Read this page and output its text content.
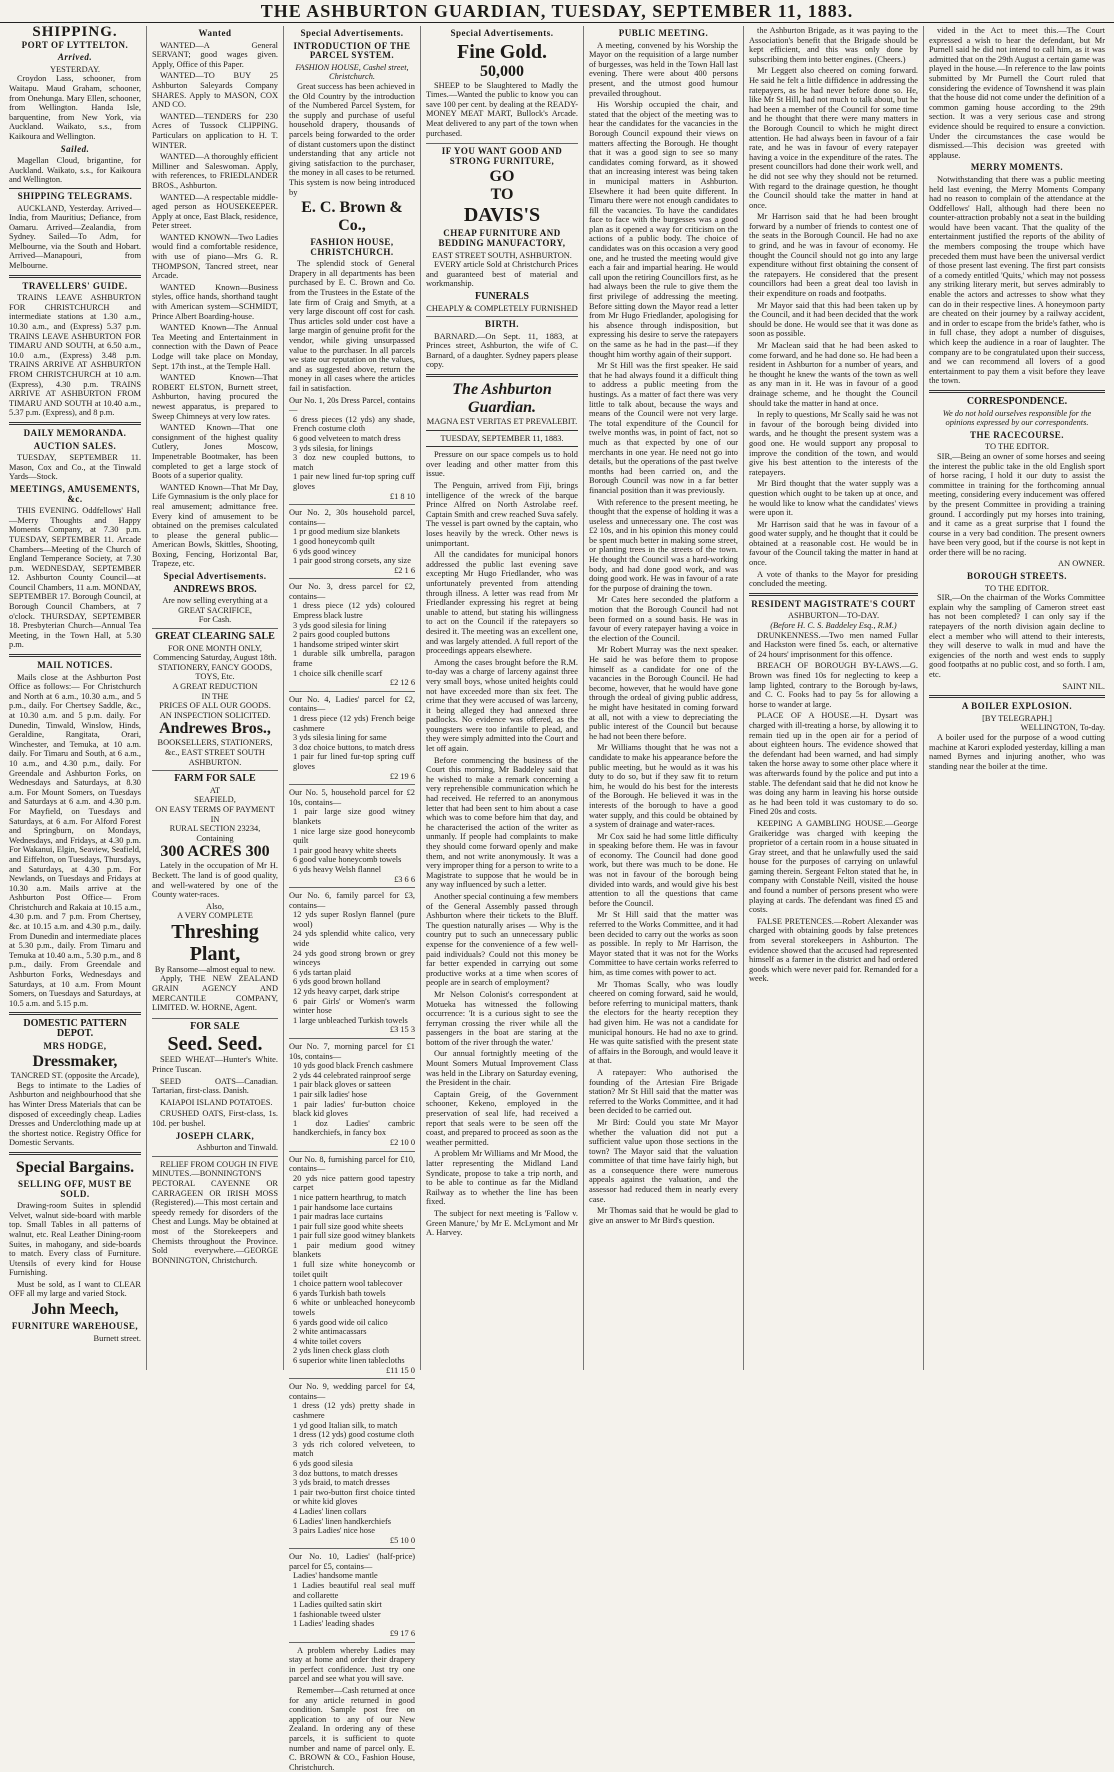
THE ASHBURTON GUARDIAN, TUESDAY, SEPTEMBER 11, 1883.
SHIPPING.
PORT OF LYTTELTON.
Arrived.
YESTERDAY.

Croydon Lass, schooner, from Waitapu. Maud Graham, schooner, from Onehunga. Mary Ellen, schooner, from Wellington. Handa Isle, barquentine, from New York, via Auckland. Waikato, s.s., from Kaikoura and Wellington.

Sailed.

Magellan Cloud, brigantine, for Auckland. Waikato, s.s., for Kaikoura and Wellington.

SHIPPING TELEGRAMS.

AUCKLAND, Yesterday. Arrived—India, from Mauritius; Defiance, from Oamaru. Arrived—Zealandia, from Sydney. Sailed—To Adm, for Melbourne, via the South and Hobart. Arrived—Manapouri, from Melbourne.

TRAVELLERS' GUIDE.

TRAINS LEAVE ASHBURTON FOR CHRISTCHURCH and intermediate stations at 1.30 a.m., 10.30 a.m., and (Express) 5.37 p.m. TRAINS LEAVE ASHBURTON FOR TIMARU AND SOUTH, at 6.50 a.m., 10.0 a.m., (Express) 3.48 p.m. TRAINS ARRIVE AT ASHBURTON FROM CHRISTCHURCH at 10 a.m. (Express), 4.30 p.m. TRAINS ARRIVE AT ASHBURTON FROM TIMARU AND SOUTH at 10.40 a.m., 5.37 p.m. (Express), and 8 p.m.

DAILY MEMORANDA.
AUCTION SALES.

TUESDAY, SEPTEMBER 11. Mason, Cox and Co., at the Tinwald Yards—Stock.

MEETINGS, AMUSEMENTS, &c.

THIS EVENING. Oddfellows' Hall—Merry Thoughts and Happy Moments Company, at 7.30 p.m. TUESDAY, SEPTEMBER 11. Arcade Chambers—Meeting of the Church of England Temperance Society, at 7.30 p.m. WEDNESDAY, SEPTEMBER 12. Ashburton County Council—at Council Chambers, 11 a.m. MONDAY, SEPTEMBER 17. Borough Council, at Borough Council Chambers, at 7 o'clock. THURSDAY, SEPTEMBER 18. Presbyterian Church—Annual Tea Meeting, in the Town Hall, at 5.30 p.m.

MAIL NOTICES.

Mails close at the Ashburton Post Office as follows:— For Christchurch and North at 6 a.m., 10.30 a.m., and 5 p.m., daily. For Chertsey Saddle, &c., at 10.30 a.m. and 5 p.m. daily. For Dunedin, Tinwald, Winslow, Hinds, Geraldine, Rangitata, Orari, Winchester, and Temuka, at 10 a.m. daily. For Timaru and South, at 6 a.m., 10 a.m., and 4.30 p.m., daily. For Greendale and Ashburton Forks, on Wednesdays and Saturdays, at 8.30 a.m. For Mount Somers, on Tuesdays and Saturdays at 6 a.m. and 4.30 p.m. For Mayfield, on Tuesdays and Saturdays, at 6 a.m. For Alford Forest and Springburn, on Mondays, Wednesdays, and Fridays, at 4.30 p.m. For Wakanui, Elgin, Seaview, Seafield, and Eiffelton, on Tuesdays, Thursdays, and Saturdays, at 4.30 p.m. For Newlands, on Tuesdays and Fridays at 10.30 a.m. Mails arrive at the Ashburton Post Office— From Christchurch and Rakaia at 10.15 a.m., 4.30 p.m. and 7 p.m. From Chertsey, &c. at 10.15 a.m. and 4.30 p.m., daily. From Dunedin and intermediate places at 5.30 p.m., daily. From Timaru and Temuka at 10.40 a.m., 5.30 p.m., and 8 p.m., daily. From Greendale and Ashburton Forks, Wednesdays and Saturdays, at 10 a.m. From Mount Somers, on Tuesdays and Saturdays, at 10.5 a.m. and 5.15 p.m.

DOMESTIC PATTERN DEPOT.
MRS HODGE,
Dressmaker,
TANCRED ST. (opposite the Arcade),

Begs to intimate to the Ladies of Ashburton and neighbourhood that she has Winter Dress Materials that can be disposed of exceedingly cheap. Ladies Dresses and Underclothing made up at the shortest notice. Registry Office for Domestic Servants.

Special Bargains.
SELLING OFF, MUST BE SOLD.

Drawing-room Suites in splendid Velvet, walnut side-board with marble top. Small Tables in all patterns of walnut, etc. Real Leather Dining-room Suites, in mahogany, and side-boards to match. Every class of Furniture. Utensils of every kind for House Furnishing.

Must be sold, as I want to CLEAR OFF all my large and varied Stock.

John Meech,
FURNITURE WAREHOUSE,
Burnett street.
Wanted

WANTED—A General SERVANT; good wages given. Apply, Office of this Paper.

WANTED—TO BUY 25 Ashburton Saleyards Company SHARES. Apply to MASON, COX AND CO.

WANTED—TENDERS for 230 Acres of Tussock CLIPPING. Particulars on application to H. T. WINTER.

WANTED—A thoroughly efficient Milliner and Saleswoman. Apply, with references, to FRIEDLANDER BROS., Ashburton.

WANTED—A respectable middle-aged person as HOUSEKEEPER. Apply at once, East Black, residence, Peter street.

WANTED KNOWN—Two Ladies would find a comfortable residence, with use of piano—Mrs G. R. THOMPSON, Tancred street, near Arcade.

WANTED Known—Business styles, office hands, shorthand taught with American system—SCHMIDT, Prince Albert Boarding-house.

WANTED Known—The Annual Tea Meeting and Entertainment in connection with the Dawn of Peace Lodge will take place on Monday, Sept. 17th inst., at the Temple Hall.

WANTED Known—That ROBERT ELSTON, Burnett street, Ashburton, having procured the newest apparatus, is prepared to Sweep Chimneys at very low rates.

WANTED Known—That one consignment of the highest quality Cutlery, Jones Moscow, Impenetrable Bootmaker, has been completed to get a large stock of Boots of a superior quality.

WANTED Known—That Mr Day, Life Gymnasium is the only place for real amusement; admittance free. Every kind of amusement to be obtained on the premises calculated to please the general public—American Bowls, Skittles, Shooting, Boxing, Fencing, Horizontal Bar, Trapeze, etc.

Special Advertisements.
ANDREWS BROS.
Are now selling everything at a
GREAT SACRIFICE,
For Cash.
GREAT CLEARING SALE
FOR ONE MONTH ONLY,
Commencing Saturday, August 18th.
STATIONERY, FANCY GOODS, TOYS, Etc.
A GREAT REDUCTION
IN THE
PRICES OF ALL OUR GOODS.
AN INSPECTION SOLICITED.
Andrewes Bros.,
BOOKSELLERS, STATIONERS, &c., EAST STREET SOUTH ASHBURTON.
FARM FOR SALE
AT
SEAFIELD,
ON EASY TERMS OF PAYMENT
IN
RURAL SECTION 23234,
Containing
300 ACRES 300

Lately in the occupation of Mr H. Beckett. The land is of good quality, and well-watered by one of the County water-races.

Also,
A VERY COMPLETE
Threshing Plant,
By Ransome—almost equal to new.

Apply, THE NEW ZEALAND GRAIN AGENCY AND MERCANTILE COMPANY, LIMITED. W. HORNE, Agent.

FOR SALE
Seed. Seed.

SEED WHEAT—Hunter's White. Prince Tuscan.

SEED OATS—Canadian. Tartarian, first-class. Danish.

KAIAPOI ISLAND POTATOES.

CRUSHED OATS, First-class, 1s. 10d. per bushel.

JOSEPH CLARK,
Ashburton and Tinwald.

RELIEF FROM COUGH IN FIVE MINUTES.—BONNINGTON'S PECTORAL CAYENNE OR CARRAGEEN OR IRISH MOSS (Registered).—This most certain and speedy remedy for disorders of the Chest and Lungs. May be obtained at most of the Storekeepers and Chemists throughout the Province. Sold everywhere.—GEORGE BONNINGTON, Christchurch.

Special Advertisements.
INTRODUCTION OF THE PARCEL SYSTEM.
FASHION HOUSE, Cashel street, Christchurch.

Great success has been achieved in the Old Country by the introduction of the Numbered Parcel System, for the supply and purchase of useful household drapery, thousands of parcels being forwarded to the order of distant customers upon the distinct understanding that any article not giving satisfaction to the purchaser, the money in all cases to be returned. This system is now being introduced by

E. C. Brown & Co.,
FASHION HOUSE, CHRISTCHURCH.

The splendid stock of General Drapery in all departments has been purchased by E. C. Brown and Co. from the Trustees in the Estate of the late firm of Craig and Smyth, at a very large discount off cost for cash. Thus articles sold under cost have a large margin of genuine profit for the vendor, while giving unsurpassed value to the purchaser. In all parcels we state our reputation on the values, and as suggested above, return the money in all cases where the articles fail in satisfaction.

Our No. 1, 20s Dress Parcel, contains—
6 dress pieces (12 yds) any shade, French costume cloth
6 good velveteen to match dress
3 yds silesia, for linings
3 doz new coupled buttons, to match
1 pair new lined fur-top spring cuff gloves
£1 8 10
Our No. 2, 30s household parcel, contains—
1 pr good medium size blankets
1 good honeycomb quilt
6 yds good wincey
1 pair good strong corsets, any size
£2 1 6
Our No. 3, dress parcel for £2, contains—
1 dress piece (12 yds) coloured Empress black lustre
3 yds good silesia for lining
2 pairs good coupled buttons
1 handsome striped winter skirt
1 durable silk umbrella, paragon frame
1 choice silk chenille scarf
£2 12 6
Our No. 4, Ladies' parcel for £2, contains—
1 dress piece (12 yds) French beige cashmere
3 yds silesia lining for same
3 doz choice buttons, to match dress
1 pair fur lined fur-top spring cuff gloves
£2 19 6
Our No. 5, household parcel for £2 10s, contains—
1 pair large size good witney blankets
1 nice large size good honeycomb quilt
1 pair good heavy white sheets
6 good value honeycomb towels
6 yds heavy Welsh flannel
£3 6 6
Our No. 6, family parcel for £3, contains—
12 yds super Roslyn flannel (pure wool)
24 yds splendid white calico, very wide
24 yds good strong brown or grey winceys
6 yds tartan plaid
6 yds good brown holland
12 yds heavy carpet, dark stripe
6 pair Girls' or Women's warm winter hose
1 large unbleached Turkish towels
£3 15 3
Our No. 7, morning parcel for £1 10s, contains—
10 yds good black French cashmere
2 yds 44 celebrated rainproof serge
1 pair black gloves or satteen
1 pair silk ladies' hose
1 pair ladies' fur-button choice black kid gloves
1 doz Ladies' cambric handkerchiefs, in fancy box
£2 10 0
Our No. 8, furnishing parcel for £10, contains—
20 yds nice pattern good tapestry carpet
1 nice pattern hearthrug, to match
1 pair handsome lace curtains
1 pair madras lace curtains
1 pair full size good white sheets
1 pair full size good witney blankets
1 pair medium good witney blankets
1 full size white honeycomb or toilet quilt
1 choice pattern wool tablecover
6 yards Turkish bath towels
6 white or unbleached honeycomb towels
6 yards good wide oil calico
2 white antimacassars
4 white toilet covers
2 yds linen check glass cloth
6 superior white linen tablecloths
£11 15 0
Our No. 9, wedding parcel for £4, contains—
1 dress (12 yds) pretty shade in cashmere
1 yd good Italian silk, to match
1 dress (12 yds) good costume cloth
3 yds rich colored velveteen, to match
6 yds good silesia
3 doz buttons, to match dresses
3 yds braid, to match dresses
1 pair two-button first choice tinted or white kid gloves
4 Ladies' linen collars
6 Ladies' linen handkerchiefs
3 pairs Ladies' nice hose
£5 10 0
Our No. 10, Ladies' (half-price) parcel for £5, contains—
Ladies' handsome mantle
1 Ladies beautiful real seal muff and collarette
1 Ladies quilted satin skirt
1 fashionable tweed ulster
1 Ladies' leading shades
£9 17 6

A problem whereby Ladies may stay at home and order their drapery in perfect confidence. Just try one parcel and see what you will save.

Remember—Cash returned at once for any article returned in good condition. Sample post free on application to any of our New Zealand. In ordering any of these parcels, it is sufficient to quote number and name of parcel only. E. C. BROWN & CO., Fashion House, Christchurch.

Special Advertisements.
Fine Gold.
50,000

SHEEP to be Slaughtered to Madly the Times.—Wanted the public to know you can save 100 per cent. by dealing at the READY-MONEY MEAT MART, Bullock's Arcade. Meat delivered to any part of the town when purchased.

IF YOU WANT GOOD AND STRONG FURNITURE,
GO
TO
DAVIS'S
CHEAP FURNITURE AND BEDDING MANUFACTORY,
EAST STREET SOUTH, ASHBURTON.

EVERY article Sold at Christchurch Prices and guaranteed best of material and workmanship.

FUNERALS
CHEAPLY & COMPLETELY FURNISHED
BIRTH.

BARNARD.—On Sept. 11, 1883, at Princes street, Ashburton, the wife of C. Barnard, of a daughter. Sydney papers please copy.

The Ashburton Guardian.
MAGNA EST VERITAS ET PREVALEBIT.
TUESDAY, SEPTEMBER 11, 1883.

Pressure on our space compels us to hold over leading and other matter from this issue.

The Penguin, arrived from Fiji, brings intelligence of the wreck of the barque Prince Alfred on North Astrolabe reef. Captain Smith and crew reached Suva safely. The vessel is part owned by the captain, who loses heavily by the wreck. Other news is unimportant.

All the candidates for municipal honors addressed the public last evening save excepting Mr Hugo Friedlander, who was unfortunately prevented from attending through illness. A letter was read from Mr Friedlander expressing his regret at being unable to attend, but stating his willingness to act on the Council if the ratepayers so desired it. The meeting was an excellent one, and was largely attended. A full report of the proceedings appears elsewhere.

Among the cases brought before the R.M. to-day was a charge of larceny against three very small boys, whose united heights could not have exceeded more than six feet. The crime that they were accused of was larceny, it being alleged they had annexed three padlocks. No evidence was offered, as the youngsters were too infantile to plead, and they were simply admitted into the Court and let off again.

Before commencing the business of the Court this morning, Mr Baddeley said that he wished to make a remark concerning a very reprehensible communication which he had received. He referred to an anonymous letter that had been sent to him about a case which was to come before him that day, and he characterised the action of the writer as unmanly. If people had complaints to make they should come forward openly and make them, and not write anonymously. It was a very improper thing for a person to write to a Magistrate to suppose that he would be in any way influenced by such a letter.

Another special continuing a few members of the General Assembly passed through Ashburton where their tickets to the Bluff. The question naturally arises — Why is the country put to such an unnecessary public expense for the convenience of a few well-paid individuals? Could not this money be far better expended in carrying out some productive works at a time when scores of people are in search of employment?

Mr Nelson Colonist's correspondent at Motueka has witnessed the following occurrence: 'It is a curious sight to see the ferryman crossing the river while all the passengers in the boat are staring at the bottom of the river through the water.'

Our annual fortnightly meeting of the Mount Somers Mutual Improvement Class was held in the Library on Saturday evening, the President in the chair.

Captain Greig, of the Government schooner, Kekeno, employed in the preservation of seal life, had received a report that seals were to be seen off the coast, and prepared to proceed as soon as the weather permitted.

A problem Mr Williams and Mr Mood, the latter representing the Midland Land Syndicate, propose to take a trip north, and to be able to continue as far the Midland Railway as to whether the line has been fixed.

The subject for next meeting is 'Fallow v. Green Manure,' by Mr E. McLymont and Mr A. Harvey.

PUBLIC MEETING.

A meeting, convened by his Worship the Mayor on the requisition of a large number of burgesses, was held in the Town Hall last evening. There were about 400 persons present, and the utmost good humour prevailed throughout.

His Worship occupied the chair, and stated that the object of the meeting was to hear the candidates for the vacancies in the Borough Council expound their views on matters affecting the Borough. He thought that it was a good sign to see so many candidates coming forward, as it showed that an increasing interest was being taken in municipal matters in Ashburton. Elsewhere it had been quite different. In Timaru there were not enough candidates to fill the vacancies. To have the candidates face to face with the burgesses was a good plan as it opened a way for criticism on the actions of a public body. The choice of candidates was on this occasion a very good one, and he trusted the meeting would give each a fair and impartial hearing. He would call upon the retiring Councillors first, as he had always been the rule to give them the first privilege of addressing the meeting. Before sitting down the Mayor read a letter from Mr Hugo Friedlander, apologising for his absence through indisposition, but expressing his desire to serve the ratepayers on the same as he had in the past—if they thought him worthy again of their support.

Mr St Hill was the first speaker. He said that he had always found it a difficult thing to address a public meeting from the hustings. As a matter of fact there was very little to talk about, because the ways and means of the Council were not very large. The total expenditure of the Council for twelve months was, in point of fact, not so much as that expected by one of our merchants in one year. He need not go into details, but the operations of the past twelve months had been carried on, and the Borough Council was now in a far better financial position than it was previously.

With reference to the present meeting, he thought that the expense of holding it was a useless and unnecessary one. The cost was £2 10s, and in his opinion this money could be spent much better in making some street, or planting trees in the streets of the town. He thought the Council was a hard-working body, and had done good work, and was doing good work. He was in favour of a rate for the purpose of draining the town.

Mr Cates here seconded the platform a motion that the Borough Council had not been formed on a sound basis. He was in favour of every ratepayer having a voice in the election of the Council.

Mr Robert Murray was the next speaker. He said he was before them to propose himself as a candidate for one of the vacancies in the Borough Council. He had become, however, that he would have gone through the ordeal of giving public address, he might have hesitated in coming forward at all, not with a view to depreciating the public interest of the Council but because he had not been there before.

Mr Williams thought that he was not a candidate to make his appearance before the public meeting, but he would as it was his duty to do so, but if they saw fit to return him, he would do his best for the interests of the Borough. He believed it was in the interests of the borough to have a good water supply, and this could be obtained by a system of drainage and water-races.

Mr Cox said he had some little difficulty in speaking before them. He was in favour of economy. The Council had done good work, but there was much to be done. He was not in favour of the borough being divided into wards, and would give his best attention to all the questions that came before the Council.

Mr St Hill said that the matter was referred to the Works Committee, and it had been decided to carry out the works as soon as possible. In reply to Mr Harrison, the Mayor stated that it was not for the Works Committee to have certain works referred to him, as time comes with power to act.

Mr Thomas Scally, who was loudly cheered on coming forward, said he would, before referring to municipal matters, thank the electors for the hearty reception they had given him. He was not a candidate for municipal honours. He had no axe to grind. He was quite satisfied with the present state of affairs in the Borough, and would leave it at that.

A ratepayer: Who authorised the founding of the Artesian Fire Brigade station? Mr St Hill said that the matter was referred to the Works Committee, and it had been decided to be carried out.

Mr Bird: Could you state Mr Mayor whether the valuation did not put a sufficient value upon those sections in the town? The Mayor said that the valuation committee of that time have fairly high, but as a consequence there were numerous appeals against the valuation, and the assessor had reduced them in nearly every case.

Mr Thomas said that he would be glad to give an answer to Mr Bird's question.

the Ashburton Brigade, as it was paying to the Association's benefit that the Brigade should be kept efficient, and this was only done by subscribing them into better engines. (Cheers.)

Mr Leggett also cheered on coming forward. He said he felt a little diffidence in addressing the ratepayers, as he had never before done so. He, like Mr St Hill, had not much to talk about, but he had been a member of the Council for some time and he thought that there were many matters in the Borough Council to which he might direct attention. He had always been in favour of a fair rate, and he was in favour of every ratepayer having a voice in the expenditure of the rates. The present councillors had done their work well, and he did not see why they should not be returned. With regard to the drainage question, he thought the Council should take the matter in hand at once.

Mr Harrison said that he had been brought forward by a number of friends to contest one of the seats in the Borough Council. He had no axe to grind, and he was in favour of economy. He thought the Council should not go into any large expenditure without first obtaining the consent of the ratepayers. He considered that the present councillors had been a great deal too lavish in their expenditure on roads and footpaths.

Mr Mayor said that this had been taken up by the Council, and it had been decided that the work should be done. He would see that it was done as soon as possible.

Mr Maclean said that he had been asked to come forward, and he had done so. He had been a resident in Ashburton for a number of years, and he thought he knew the wants of the town as well as any man in it. He was in favour of a good drainage scheme, and he thought the Council should take the matter in hand at once.

In reply to questions, Mr Scally said he was not in favour of the borough being divided into wards, and he thought the present system was a good one. He would support any proposal to improve the condition of the town, and would give his best attention to the interests of the ratepayers.

Mr Bird thought that the water supply was a question which ought to be taken up at once, and he would like to know what the candidates' views were upon it.

Mr Harrison said that he was in favour of a good water supply, and he thought that it could be obtained at a reasonable cost. He would be in favour of the Council taking the matter in hand at once.

A vote of thanks to the Mayor for presiding concluded the meeting.

RESIDENT MAGISTRATE'S COURT
ASHBURTON—TO-DAY.
(Before H. C. S. Baddeley Esq., R.M.)

DRUNKENNESS.—Two men named Fullar and Hackston were fined 5s. each, or alternative of 24 hours' imprisonment for this offence.

BREACH OF BOROUGH BY-LAWS.—G. Brown was fined 10s for neglecting to keep a lamp lighted, contrary to the Borough by-laws, and C. C. Fooks had to pay 5s for allowing a horse to wander at large.

PLACE OF A HOUSE.—H. Dysart was charged with ill-treating a horse, by allowing it to remain tied up in the open air for a period of about eighteen hours. The evidence showed that the defendant had been warned, and had simply taken the horse away to some other place where it was afterwards found by the police and put into a stable. The defendant said that he did not know he was doing any harm in leaving his horse outside as he had been told it was customary to do so. Fined 20s and costs.

KEEPING A GAMBLING HOUSE.—George Graikeridge was charged with keeping the proprietor of a certain room in a house situated in Gray street, and that he unlawfully used the said house for the purposes of carrying on unlawful gaming therein. Sergeant Felton stated that he, in company with Constable Neill, visited the house and found a number of persons present who were playing at cards. The defendant was fined £5 and costs.

FALSE PRETENCES.—Robert Alexander was charged with obtaining goods by false pretences from several storekeepers in Ashburton. The evidence showed that the accused had represented himself as a farmer in the district and had ordered goods which were never paid for. Remanded for a week.

vided in the Act to meet this.—The Court expressed a wish to hear the defendant, but Mr Purnell said he did not intend to call him, as it was admitted that on the 29th August a certain game was played in the house.—In reference to the law points submitted by Mr Purnell the Court ruled that considering the evidence of Townshend it was plain that the house did not come under the definition of a common gaming house according to the 29th section. It was a very serious case and strong evidence should be required to ensure a conviction. Under the circumstances the case would be dismissed.—This decision was greeted with applause.

MERRY MOMENTS.

Notwithstanding that there was a public meeting held last evening, the Merry Moments Company had no reason to complain of the attendance at the Oddfellows' Hall, although had there been no counter-attraction probably not a seat in the building would have been vacant. That the quality of the entertainment justified the reports of the ability of the members composing the troupe which have preceded them must have been the universal verdict of those present last evening. The first part consists of a comedy entitled 'Quits,' which may not possess any striking literary merit, but serves admirably to enable the actors and actresses to show what they can do in their respective lines. A honeymoon party are cheated on their journey by a railway accident, and in order to escape from the bride's father, who is in full chase, they adopt a number of disguises, which keep the audience in a roar of laughter. The company are to be congratulated upon their success, and we can recommend all lovers of a good entertainment to pay them a visit before they leave the town.

CORRESPONDENCE.
We do not hold ourselves responsible for the opinions expressed by our correspondents.
THE RACECOURSE.
TO THE EDITOR.

SIR,—Being an owner of some horses and seeing the interest the public take in the old English sport of horse racing, I hold it our duty to assist the committee in training for the forthcoming annual meeting, considering every inducement was offered by the present Committee in providing a training ground. I accordingly put my horses into training, and it came as a great surprise that I found the course in a very bad condition. The present owners have been very good, but if the course is not kept in order there will be no racing.

AN OWNER.
BOROUGH STREETS.
TO THE EDITOR.

SIR,—On the chairman of the Works Committee explain why the sampling of Cameron street east has not been completed? I can only say if the ratepayers of the north division again decline to elect a member who will attend to their interests, they will deserve to walk in mud and have the exigencies of the north and west ends to supply good footpaths at no public cost, and so forth. I am, etc.

SAINT NIL.
A BOILER EXPLOSION.
[BY TELEGRAPH.]
WELLINGTON, To-day.

A boiler used for the purpose of a wood cutting machine at Karori exploded yesterday, killing a man named Byrnes and injuring another, who was standing near the boiler at the time.
